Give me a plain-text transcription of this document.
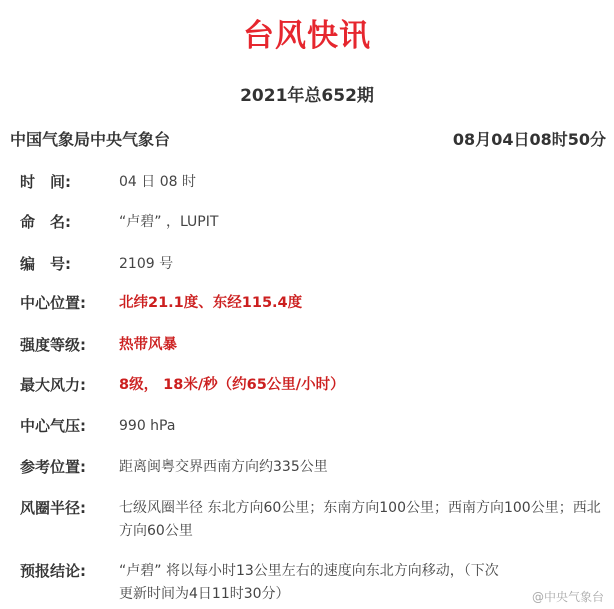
台风快讯
2021年总652期
中国气象局中央气象台	08月04日08时50分
时　间:	04 日 08 时
命　名:	“卢碧” ，LUPIT
编　号:	2109 号
中心位置: 北纬21.1度、东经115.4度
强度等级: 热带风暴
最大风力: 8级， 18米/秒（约65公里/小时）
中心气压: 990 hPa
参考位置: 距离闽粤交界西南方向约335公里
风圈半径: 七级风圈半径 东北方向60公里；东南方向100公里；西南方向100公里；西北方向60公里
预报结论: “卢碧” 将以每小时13公里左右的速度向东北方向移动，（下次更新时间为4日11时30分）	@中央气象台
